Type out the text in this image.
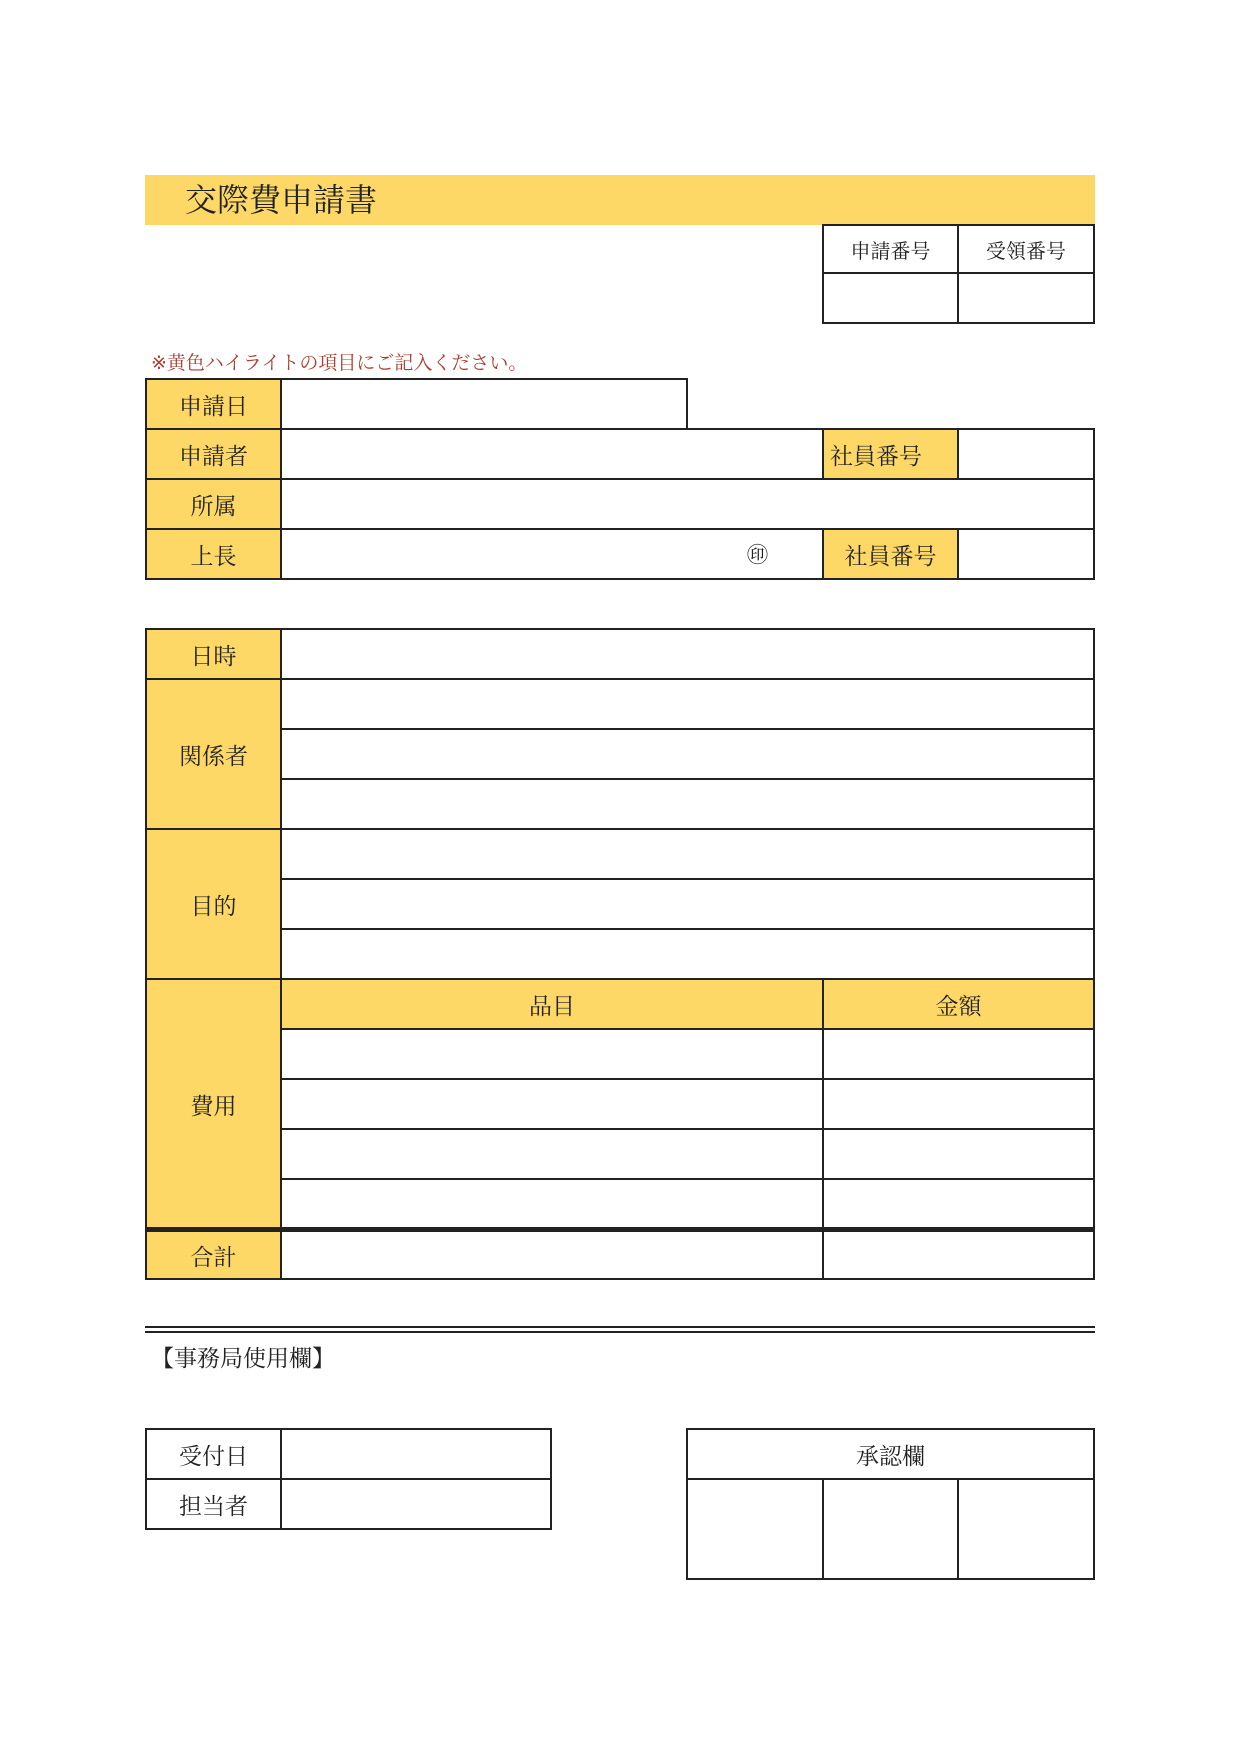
交際費申請書
申請番号	受領番号
※黄色ハイライトの項目にご記入ください。
申請日
申請者	社員番号
所属
上長	㊞	社員番号
日時
関係者
目的
費用
品目	金額
合計
【事務局使用欄】
受付日
担当者
承認欄
